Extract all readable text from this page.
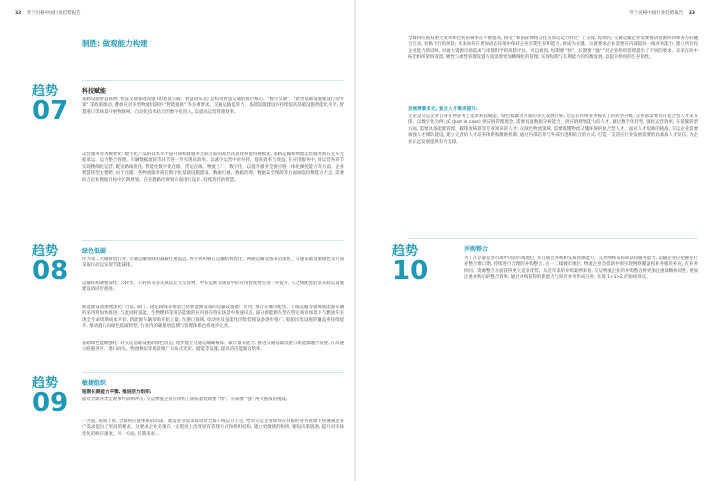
32 罗兰贝格中国行业趋势报告
制胜: 做观能力构建
趋势
07
科技赋能
基础设施智慧联网: 智慧交通基础设施 (如智慧公路、智慧码头等) 是构筑智慧交通的底层核心。"数字交通"、"新型基础设施建设行动方案" 等政策推动, 叠加应对多型物流机制的 "智能提供" 等多重要求。交通运输监管力、基础设施建设方持续提高基础设施智能化水平, 智慧港口等场景开展物联网、自动化技术结合的数字化投入, 以提高运营管理效率。
运营服务业务数智化: 数字化产品的技术水平提升和构建服务互联互联的高层次表现将使得规模化, 道路运输和物流运营服务商在无车无船承运、运力整合管理、车辆数据流转等环节进一步实现高效率。以减少运营中对井转、提高效率与效益; 在应用服务中, 对运营各环节实现精细化运营, 配送路线优化, 智能化数字化仓储、货运在线、物流工厂、数字化、以提升服务全供应链一体化操控能力等方面。企业智慧转型主要跨, 由于仓储、各物流服务商在数字化基础设施建设、数据打通、数据治理、数据安全保障等方面面临均衡能力不足, 需要结合企业数据目标中长期规划、在实施路径规划方面进行设计, 持续迭代的智慧。
趋势
08
绿色低碳
作为第二大碳排放行业, 交通运输领域的减碳任重道远, 各方将积极在运输结构优化、两碳运输设备清洁深化、交通基础设施绿色等方面采取行动以实现节能减排。
运输结构调整深化: 公转水、公转铁等多式联运在大宗货物、中长运距等场景中的应用程度将会进一步提升, 与之相配套的多式联运设施建设将同步推进。
新能源设备渗透深化: 目前, 部门、固定路线等场景已将新能源设备的运输设备推广应用, 预计在城市配送、干线运输等领域新能源车辆的采用将加快推进; 与此同时氢能、生物燃料等清洁能源的应用将在特定场景中加速试点, 部分新能源车型在特定商业场景下与燃油车实现全生命周期成本平价, 新能源车辆采购开始上量; 在港口领域, 电动化及氢能化的集装箱设备逐步推广, 船舶岸电设施的覆盖率持续提升, 推动港口向绿色低碳转型, 行业内的碳排放监测与管理体系也将逐步完善。
基础绿色能级强化: 对交运基础设施的绿色改造, 逐步建立交通运输碳核算、碳计量等能力, 推进交通基础设施与新能源融合发展, 在高速公路服务区、港口码头、物流枢纽等场景推广分布式光伏、储能等设施, 提高清洁能源自给率。
趋势
09
敏捷组织
短期长期能力平衡, 推进活力组织:
面对全球各类宏观事件影响冲击, 交运物流企业在组织上面临着短期要 "快"、长期要 "强" 两大挑战的挑战。
一方面, 短期上看, 全球供应链体系的动荡、制造业等需求波动对全球干线运力不足, 给对交运企业如何在有限的业务资源下快速满足客户需求提出了更高的要求。这要求企业必须在一定程度上改变原有管理方式和组织结构, 建立更敏捷的组织, 缩短决策链条, 提升对市场变化的响应速度。另一方面, 长期来看...
罗兰贝格中国行业趋势报告 33
全球供应链双重大变革和色机的频率在不断提高, 接受 "和国际网络交往及海运运力经过" 上支撑, 短期内, 交通运输企业需要推动资源协同和各方的融合互动, 价格下行的风险; 未来如何在更加动态环境中保持企业长期生存和能力, 将成为关键。这就要求企业需要在内部提高一线业务能力, 建立所有权企业能力的同时, 对通大资源市场需求与审慎科学的风险评估。可以看到, 短期要 "快"、长期要 "强" "对企业组织管理提出了不同的要求。未来在纷中拓治组织架构设置, 硬性与柔性管理设置方面需要更加精细化的管理; 实现短期与长期能力的均衡发展, 以提升组织的生存韧性。
发展要素多元, 复合人才需求提升:
无论是交运企业自身在物业务上追求科技赋能、绿色低碳等方面的多元发展目标, 还是在传统业务模式上的转型升级, 企业都需要具有复合型人才来支撑。以数字化为例, JC (Just in case) 供应链管理理念, 需要具备数据分析能力、供应链规划能力的人才, 通过数字化转型, 强化运营效率; 在低碳转型方面, 需要具备能源管理、碳排放核算等专业知识的人才; 在绿色物流领域, 需要既懂物流又懂环保的复合型人才。面对人才短缺的挑战, 交运企业需要加强人才梯队建设, 建立完善的人才培养体系和激励机制, 通过内部培养与外部引进相结合的方式, 打造一支适应行业发展需要的高素质人才队伍, 为企业长远发展提供有力支撑。
趋势
10
并购整合
为了在存量竞争市场中巩固市场地位, 并且通过并购和实质资源能力、完善网络布局和获得服务能力, 运输企业应把握住行业整合窗口期, 持续进行合理的并购整合, 在一二线城市地位, 物流企业会借助并购实现网络覆盖和业务板块补充, 在业务协同、资源整合方面获得更大竞争优势。从近年来的并购案例来看, 交运物流企业的并购整合将更加注重战略协同性, 更加注重并购后的整合效果, 通过并购获得的新能力与原有业务形成互补, 实现 1+1>2 的协同效应。
